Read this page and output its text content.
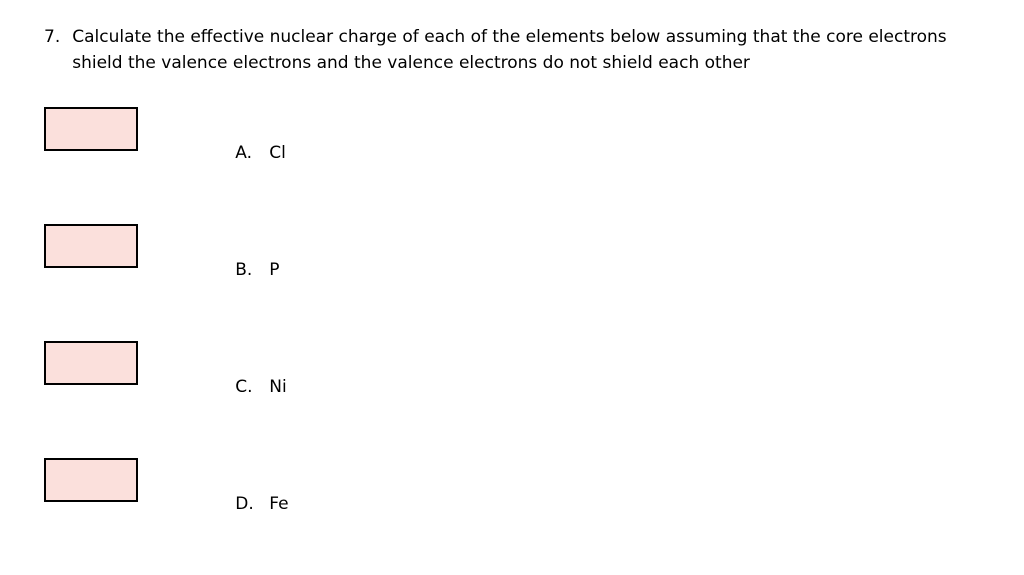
7. Calculate the effective nuclear charge of each of the elements below assuming that the core electrons shield the valence electrons and the valence electrons do not shield each other

A. Cl

B. P

C. Ni

D. Fe
